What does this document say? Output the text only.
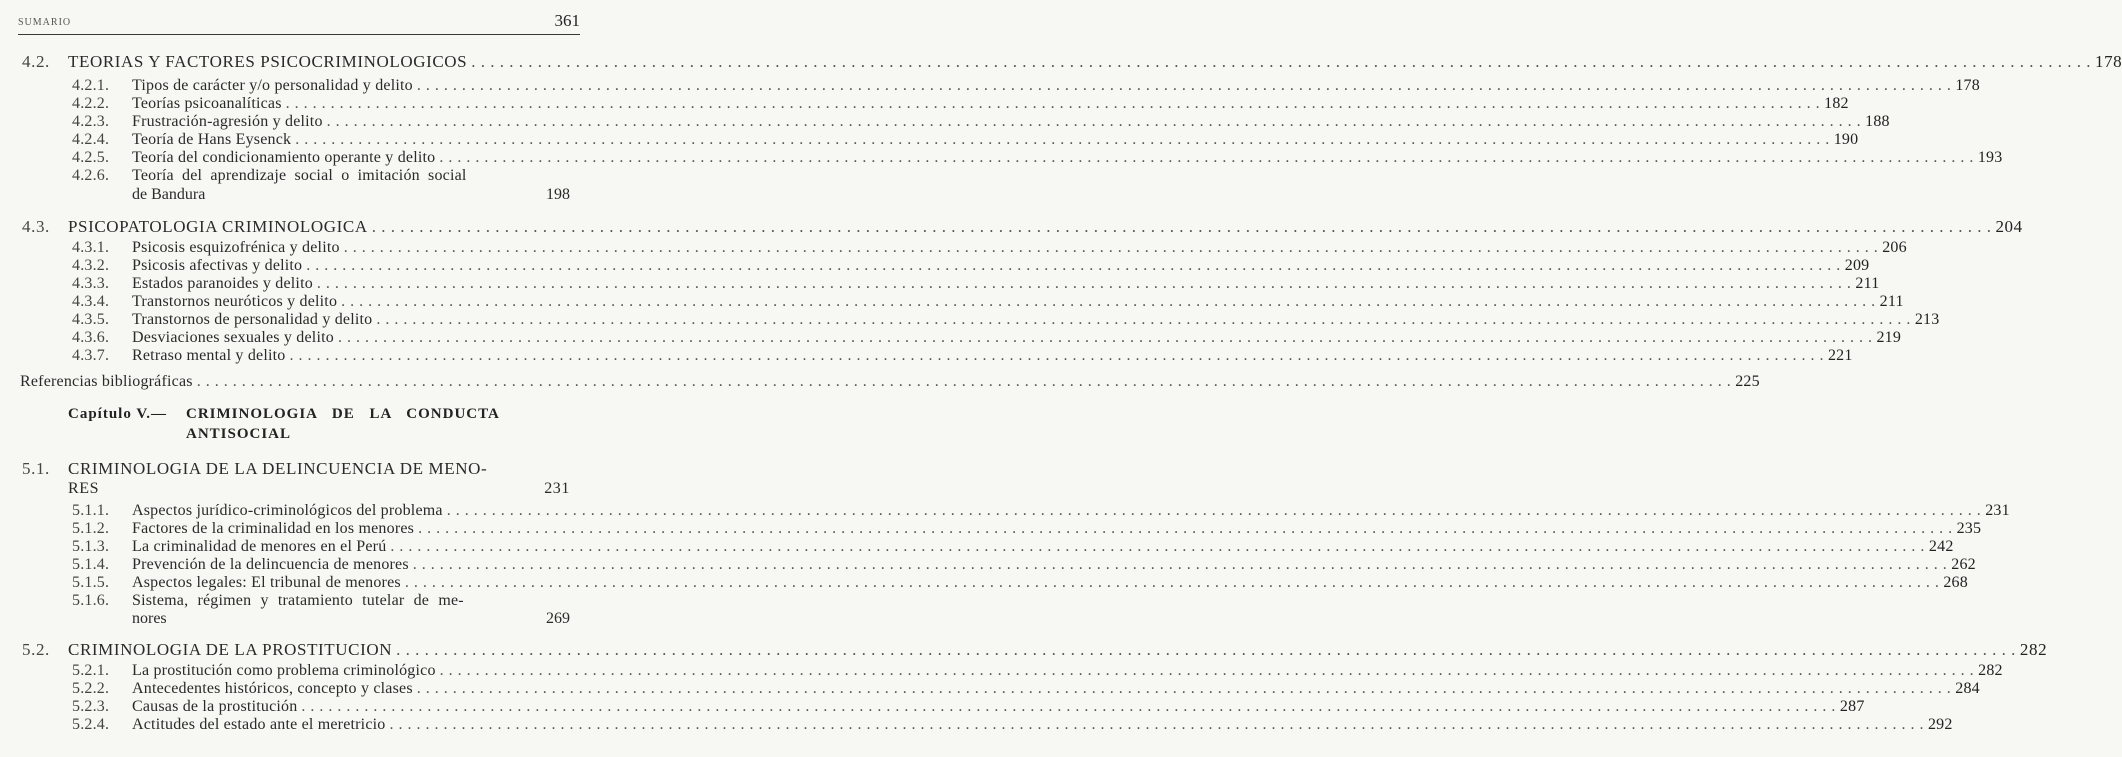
SUMARIO	361
4.2.	TEORIAS Y FACTORES PSICOCRIMINOLOGICOS . . .	178
4.2.1.	Tipos de carácter y/o personalidad y delito . . .	178
4.2.2.	Teorías psicoanalíticas . . .	182
4.2.3.	Frustración-agresión y delito . . .	188
4.2.4.	Teoría de Hans Eysenck . . .	190
4.2.5.	Teoría del condicionamiento operante y delito . . .	193
4.2.6.	Teoría del aprendizaje social o imitación social
de Bandura	198
4.3.	PSICOPATOLOGIA CRIMINOLOGICA . . .	204
4.3.1.	Psicosis esquizofrénica y delito . . .	206
4.3.2.	Psicosis afectivas y delito . . .	209
4.3.3.	Estados paranoides y delito . . .	211
4.3.4.	Transtornos neuróticos y delito . . .	211
4.3.5.	Transtornos de personalidad y delito . . .	213
4.3.6.	Desviaciones sexuales y delito . . .	219
4.3.7.	Retraso mental y delito . . .	221
Referencias bibliográficas . . .	225
Capítulo V.— CRIMINOLOGIA DE LA CONDUCTA
ANTISOCIAL
5.1.	CRIMINOLOGIA DE LA DELINCUENCIA DE MENO-
RES	231
5.1.1.	Aspectos jurídico-criminológicos del problema . . .	231
5.1.2.	Factores de la criminalidad en los menores . . .	235
5.1.3.	La criminalidad de menores en el Perú . . .	242
5.1.4.	Prevención de la delincuencia de menores . . .	262
5.1.5.	Aspectos legales: El tribunal de menores . . .	268
5.1.6.	Sistema, régimen y tratamiento tutelar de me-
nores	269
5.2.	CRIMINOLOGIA DE LA PROSTITUCION . . .	282
5.2.1.	La prostitución como problema criminológico . . .	282
5.2.2.	Antecedentes históricos, concepto y clases . . .	284
5.2.3.	Causas de la prostitución . . .	287
5.2.4.	Actitudes del estado ante el meretricio . . .	292
